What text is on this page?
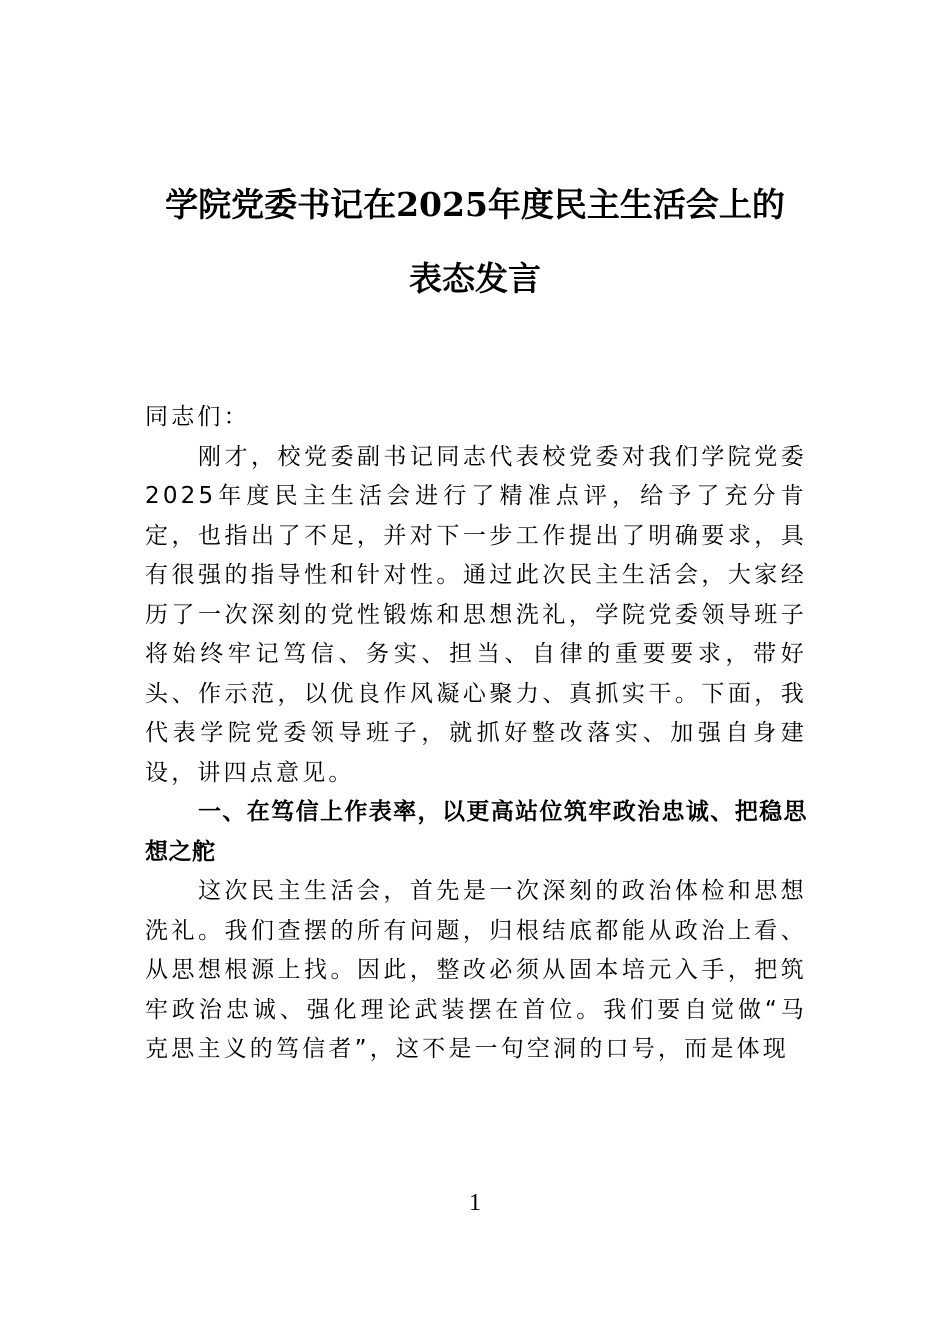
学院党委书记在2025年度民主生活会上的
表态发言

同志们：

刚才，校党委副书记同志代表校党委对我们学院党委2025年度民主生活会进行了精准点评，给予了充分肯定，也指出了不足，并对下一步工作提出了明确要求，具有很强的指导性和针对性。通过此次民主生活会，大家经历了一次深刻的党性锻炼和思想洗礼，学院党委领导班子将始终牢记笃信、务实、担当、自律的重要要求，带好头、作示范，以优良作风凝心聚力、真抓实干。下面，我代表学院党委领导班子，就抓好整改落实、加强自身建设，讲四点意见。

一、在笃信上作表率，以更高站位筑牢政治忠诚、把稳思想之舵

这次民主生活会，首先是一次深刻的政治体检和思想洗礼。我们查摆的所有问题，归根结底都能从政治上看、从思想根源上找。因此，整改必须从固本培元入手，把筑牢政治忠诚、强化理论武装摆在首位。我们要自觉做“马克思主义的笃信者”，这不是一句空洞的口号，而是体现

1
